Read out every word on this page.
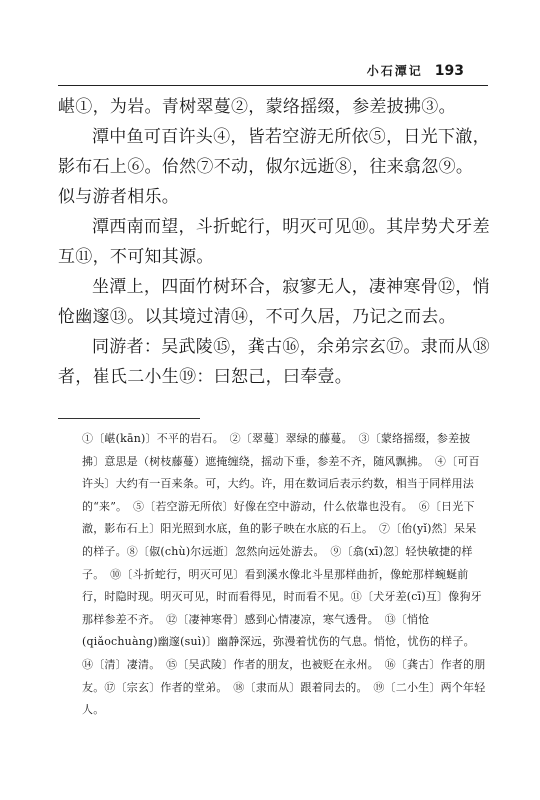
小石潭记 193

嵁①，为岩。青树翠蔓②，蒙络摇缀，参差披拂③。

潭中鱼可百许头④，皆若空游无所依⑤，日光下澈，影布石上⑥。佁然⑦不动，俶尔远逝⑧，往来翕忽⑨。似与游者相乐。

潭西南而望，斗折蛇行，明灭可见⑩。其岸势犬牙差互⑪，不可知其源。

坐潭上，四面竹树环合，寂寥无人，凄神寒骨⑫，悄怆幽邃⑬。以其境过清⑭，不可久居，乃记之而去。

同游者：吴武陵⑮，龚古⑯，余弟宗玄⑰。隶而从⑱者，崔氏二小生⑲：曰恕己，曰奉壹。

①〔嵁(kān)〕不平的岩石。　②〔翠蔓〕翠绿的藤蔓。　③〔蒙络摇缀，参差披拂〕意思是（树枝藤蔓）遮掩缠绕，摇动下垂，参差不齐，随风飘拂。　④〔可百许头〕大约有一百来条。可，大约。许，用在数词后表示约数，相当于同样用法的“来”。　⑤〔若空游无所依〕好像在空中游动，什么依靠也没有。　⑥〔日光下澈，影布石上〕阳光照到水底，鱼的影子映在水底的石上。　⑦〔佁(yǐ)然〕呆呆的样子。⑧〔俶(chù)尔远逝〕忽然向远处游去。　⑨〔翕(xī)忽〕轻快敏捷的样子。　⑩〔斗折蛇行，明灭可见〕看到溪水像北斗星那样曲折，像蛇那样蜿蜒前行，时隐时现。明灭可见，时而看得见，时而看不见。⑪〔犬牙差(cī)互〕像狗牙那样参差不齐。　⑫〔凄神寒骨〕感到心情凄凉，寒气透骨。　⑬〔悄怆(qiǎochuàng)幽邃(suì)〕幽静深远，弥漫着忧伤的气息。悄怆，忧伤的样子。　⑭〔清〕凄清。　⑮〔吴武陵〕作者的朋友，也被贬在永州。　⑯〔龚古〕作者的朋友。⑰〔宗玄〕作者的堂弟。　⑱〔隶而从〕跟着同去的。　⑲〔二小生〕两个年轻人。
